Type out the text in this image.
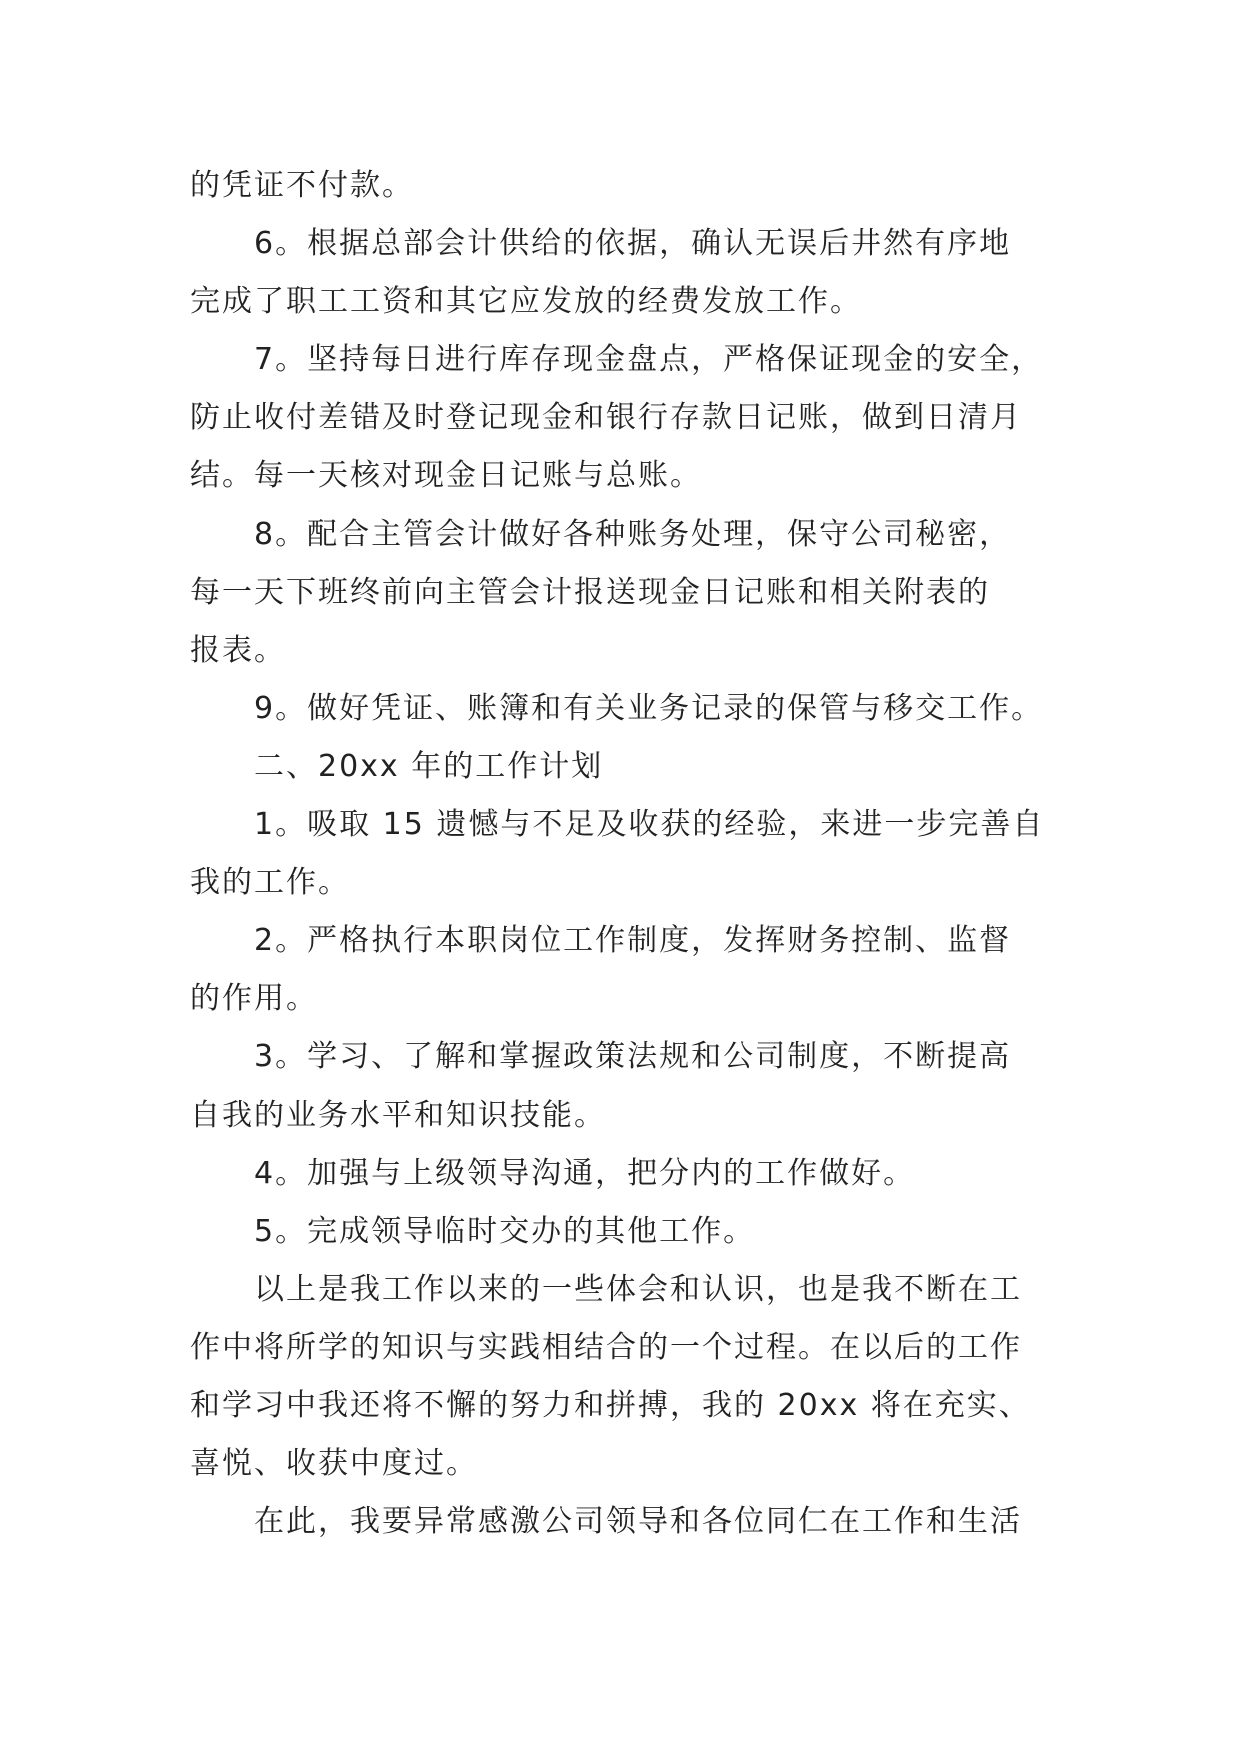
的凭证不付款。
6。根据总部会计供给的依据，确认无误后井然有序地
完成了职工工资和其它应发放的经费发放工作。
7。坚持每日进行库存现金盘点，严格保证现金的安全，
防止收付差错及时登记现金和银行存款日记账，做到日清月
结。每一天核对现金日记账与总账。
8。配合主管会计做好各种账务处理，保守公司秘密，
每一天下班终前向主管会计报送现金日记账和相关附表的
报表。
9。做好凭证、账簿和有关业务记录的保管与移交工作。
二、20xx 年的工作计划
1。吸取 15 遗憾与不足及收获的经验，来进一步完善自
我的工作。
2。严格执行本职岗位工作制度，发挥财务控制、监督
的作用。
3。学习、了解和掌握政策法规和公司制度，不断提高
自我的业务水平和知识技能。
4。加强与上级领导沟通，把分内的工作做好。
5。完成领导临时交办的其他工作。
以上是我工作以来的一些体会和认识，也是我不断在工
作中将所学的知识与实践相结合的一个过程。在以后的工作
和学习中我还将不懈的努力和拼搏，我的 20xx 将在充实、
喜悦、收获中度过。
在此，我要异常感激公司领导和各位同仁在工作和生活
